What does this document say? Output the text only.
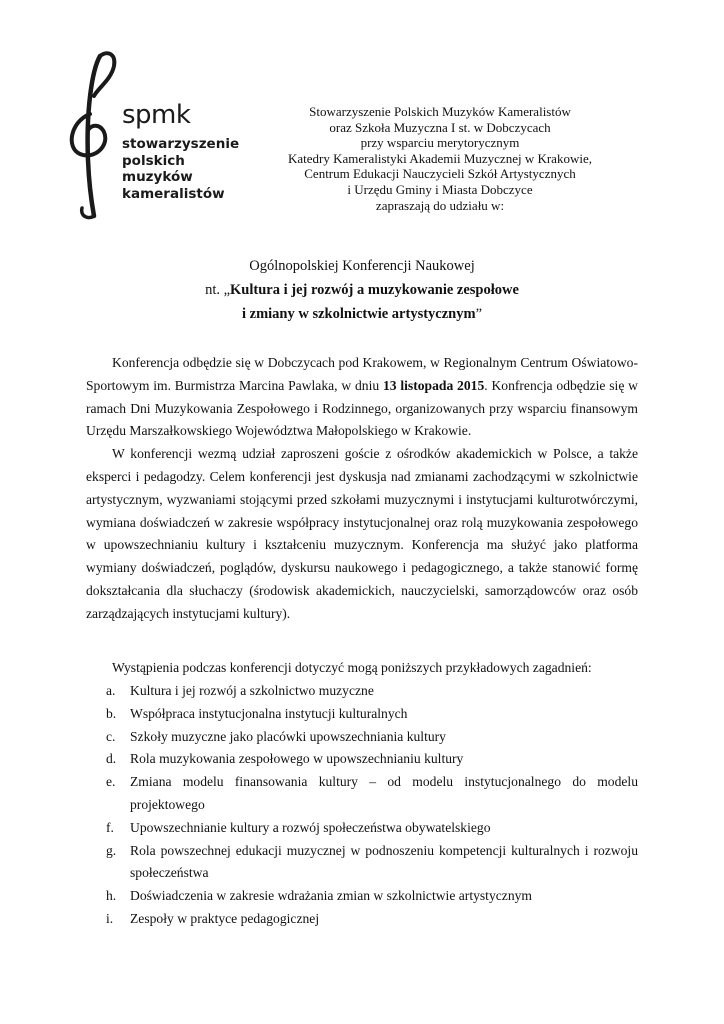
spmk
stowarzyszenie
polskich
muzyków
kameralistów
Stowarzyszenie Polskich Muzyków Kameralistów
oraz Szkoła Muzyczna I st. w Dobczycach
przy wsparciu merytorycznym
Katedry Kameralistyki Akademii Muzycznej w Krakowie,
Centrum Edukacji Nauczycieli Szkół Artystycznych
i Urzędu Gminy i Miasta Dobczyce
zapraszają do udziału w:
Ogólnopolskiej Konferencji Naukowej
nt. „Kultura i jej rozwój a muzykowanie zespołowe
i zmiany w szkolnictwie artystycznym”

Konferencja odbędzie się w Dobczycach pod Krakowem, w Regionalnym Centrum Oświatowo-Sportowym im. Burmistrza Marcina Pawlaka, w dniu 13 listopada 2015. Konfrencja odbędzie się w ramach Dni Muzykowania Zespołowego i Rodzinnego, organizowanych przy wsparciu finansowym Urzędu Marszałkowskiego Województwa Małopolskiego w Krakowie.

W konferencji wezmą udział zaproszeni goście z ośrodków akademickich w Polsce, a także eksperci i pedagodzy. Celem konferencji jest dyskusja nad zmianami zachodzącymi w szkolnictwie artystycznym, wyzwaniami stojącymi przed szkołami muzycznymi i instytucjami kulturotwórczymi, wymiana doświadczeń w zakresie współpracy instytucjonalnej oraz rolą muzykowania zespołowego w upowszechnianiu kultury i kształceniu muzycznym. Konferencja ma służyć jako platforma wymiany doświadczeń, poglądów, dyskursu naukowego i pedagogicznego, a także stanowić formę dokształcania dla słuchaczy (środowisk akademickich, nauczycielski, samorządowców oraz osób zarządzających instytucjami kultury).

Wystąpienia podczas konferencji dotyczyć mogą poniższych przykładowych zagadnień:
a. Kultura i jej rozwój a szkolnictwo muzyczne
b. Współpraca instytucjonalna instytucji kulturalnych
c. Szkoły muzyczne jako placówki upowszechniania kultury
d. Rola muzykowania zespołowego w upowszechnianiu kultury
e. Zmiana modelu finansowania kultury – od modelu instytucjonalnego do modelu projektowego
f. Upowszechnianie kultury a rozwój społeczeństwa obywatelskiego
g. Rola powszechnej edukacji muzycznej w podnoszeniu kompetencji kulturalnych i rozwoju społeczeństwa
h. Doświadczenia w zakresie wdrażania zmian w szkolnictwie artystycznym
i. Zespoły w praktyce pedagogicznej
